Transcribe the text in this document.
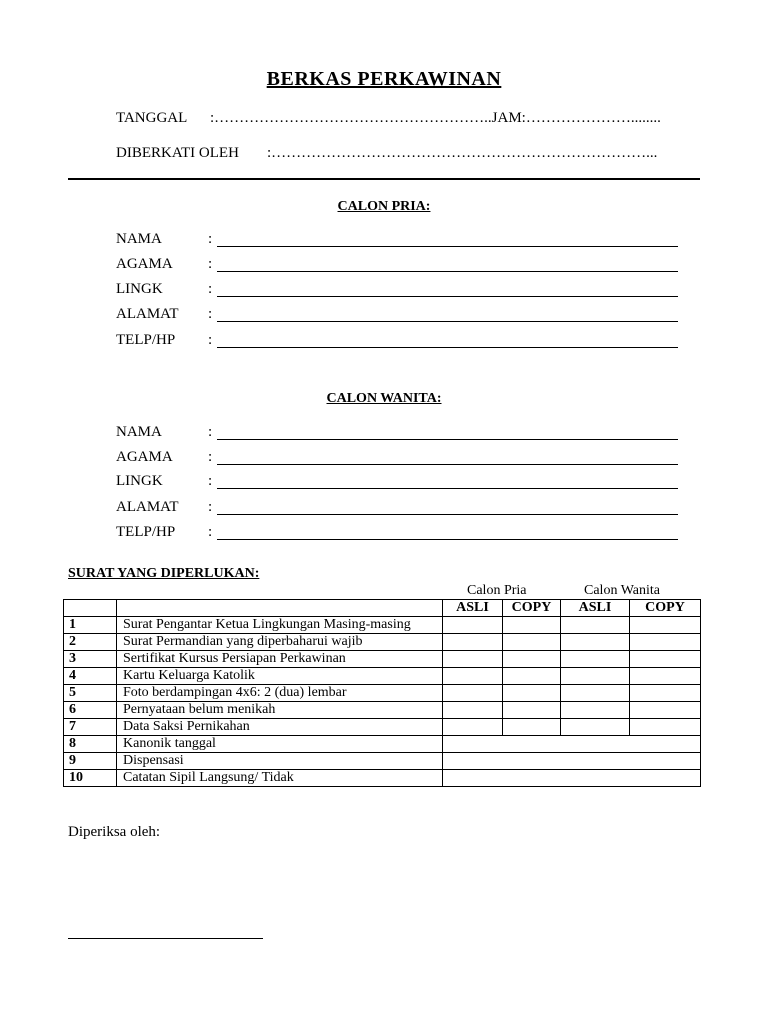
BERKAS PERKAWINAN
TANGGAL :………………………………………………..JAM:…………………........
DIBERKATI OLEH :…………………………………………………………………...
CALON PRIA:
NAMA	:
AGAMA :
LINGK	:
ALAMAT :
TELP/HP :
CALON WANITA:
NAMA	:
AGAMA :
LINGK	:
ALAMAT :
TELP/HP :
SURAT YANG DIPERLUKAN:
Calon Pria	Calon Wanita
		ASLI	COPY	ASLI	COPY
1	Surat Pengantar Ketua Lingkungan Masing-masing				
2	Surat Permandian yang diperbaharui wajib				
3	Sertifikat Kursus Persiapan Perkawinan				
4	Kartu Keluarga Katolik				
5	Foto berdampingan 4x6: 2 (dua) lembar				
6	Pernyataan belum menikah				
7	Data Saksi Pernikahan				
8	Kanonik tanggal				
9	Dispensasi				
10	Catatan Sipil Langsung/ Tidak				
Diperiksa oleh:
